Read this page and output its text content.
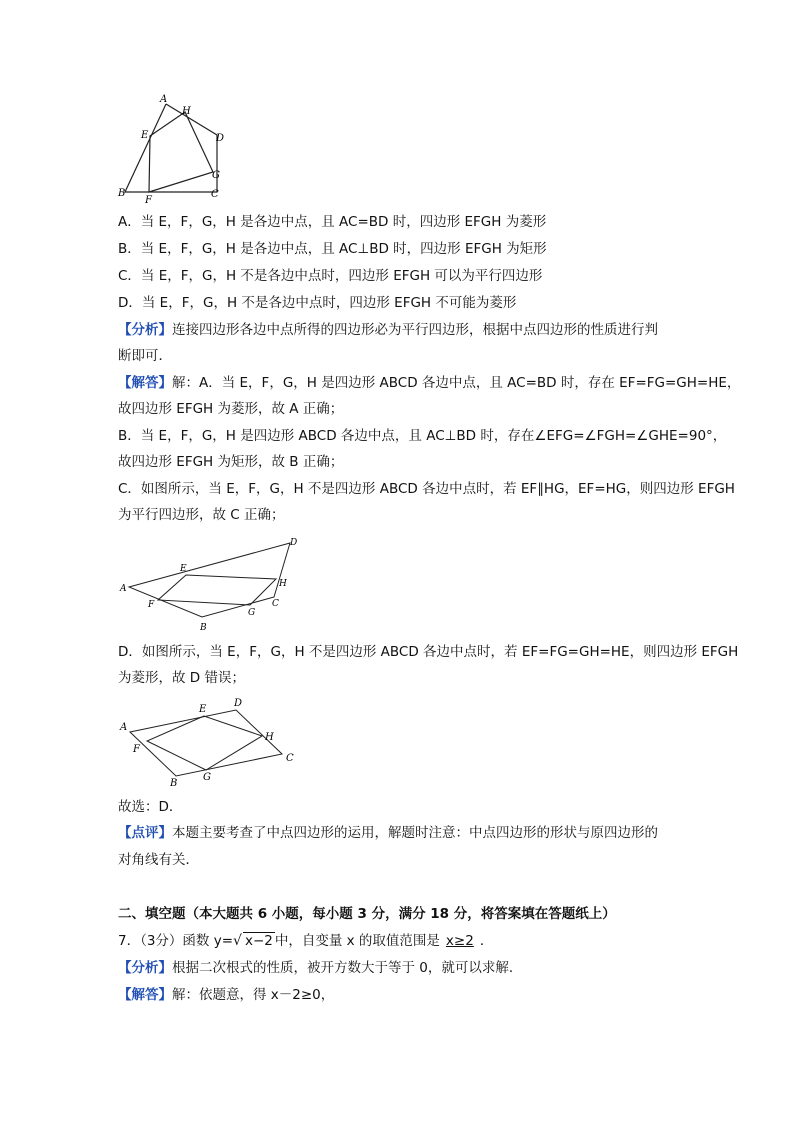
A
H
E	D
G
B
F
C
A．当 E，F，G，H 是各边中点，且 AC=BD 时，四边形 EFGH 为菱形
B．当 E，F，G，H 是各边中点，且 AC⊥BD 时，四边形 EFGH 为矩形
C．当 E，F，G，H 不是各边中点时，四边形 EFGH 可以为平行四边形
D．当 E，F，G，H 不是各边中点时，四边形 EFGH 不可能为菱形
【分析】连接四边形各边中点所得的四边形必为平行四边形，根据中点四边形的性质进行判
断即可．
【解答】解：A．当 E，F，G，H 是四边形 ABCD 各边中点，且 AC=BD 时，存在 EF=FG=GH=HE，
故四边形 EFGH 为菱形，故 A 正确；
B．当 E，F，G，H 是四边形 ABCD 各边中点，且 AC⊥BD 时，存在∠EFG=∠FGH=∠GHE=90°，
故四边形 EFGH 为矩形，故 B 正确；
C．如图所示，当 E，F，G，H 不是四边形 ABCD 各边中点时，若 EF∥HG，EF=HG，则四边形 EFGH
为平行四边形，故 C 正确；
D
E
H
A
F
G
C
B
D．如图所示，当 E，F，G，H 不是四边形 ABCD 各边中点时，若 EF=FG=GH=HE，则四边形 EFGH
为菱形，故 D 错误；
A
E
D
F
H
C
B
G
故选：D．
【点评】本题主要考查了中点四边形的运用，解题时注意：中点四边形的形状与原四边形的
对角线有关．
二、填空题（本大题共 6 小题，每小题 3 分，满分 18 分，将答案填在答题纸上）
7．（3分）函数 y=√ x−2 中，自变量 x 的取值范围是 x≥2 ．
【分析】根据二次根式的性质，被开方数大于等于 0，就可以求解．
【解答】解：依题意，得 x－2≥0，
